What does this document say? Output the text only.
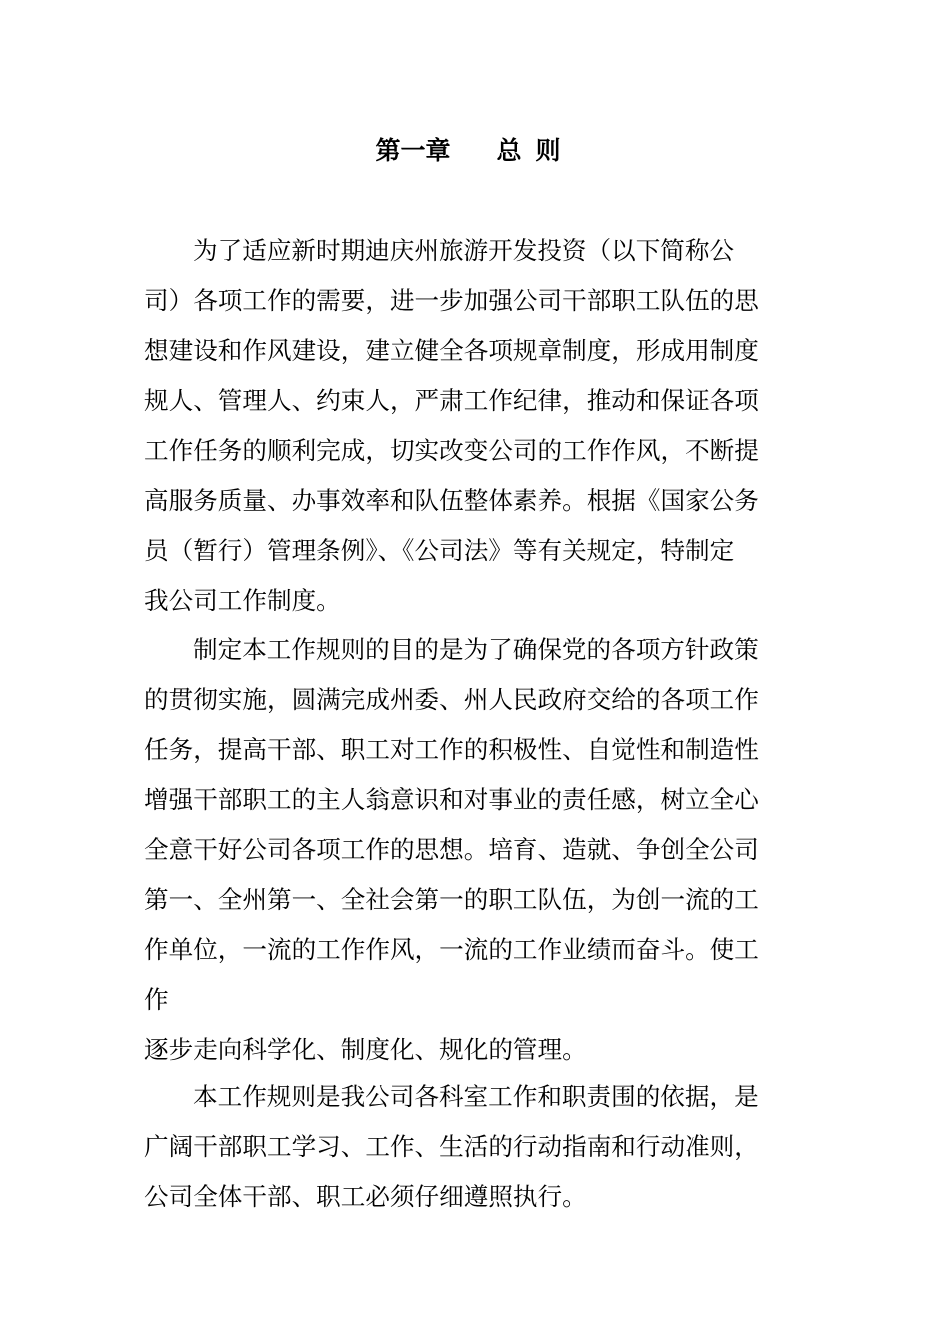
第一章 总则
为了适应新时期迪庆州旅游开发投资（以下简称公
司）各项工作的需要，进一步加强公司干部职工队伍的思
想建设和作风建设，建立健全各项规章制度，形成用制度
规人、管理人、约束人，严肃工作纪律，推动和保证各项
工作任务的顺利完成，切实改变公司的工作作风，不断提
高服务质量、办事效率和队伍整体素养。根据《国家公务
员（暂行）管理条例》、《公司法》等有关规定，特制定
我公司工作制度。
制定本工作规则的目的是为了确保党的各项方针政策
的贯彻实施，圆满完成州委、州人民政府交给的各项工作
任务，提高干部、职工对工作的积极性、自觉性和制造性
增强干部职工的主人翁意识和对事业的责任感，树立全心
全意干好公司各项工作的思想。培育、造就、争创全公司
第一、全州第一、全社会第一的职工队伍，为创一流的工
作单位，一流的工作作风，一流的工作业绩而奋斗。使工
作
逐步走向科学化、制度化、规化的管理。
本工作规则是我公司各科室工作和职责围的依据，是
广阔干部职工学习、工作、生活的行动指南和行动准则，
公司全体干部、职工必须仔细遵照执行。
